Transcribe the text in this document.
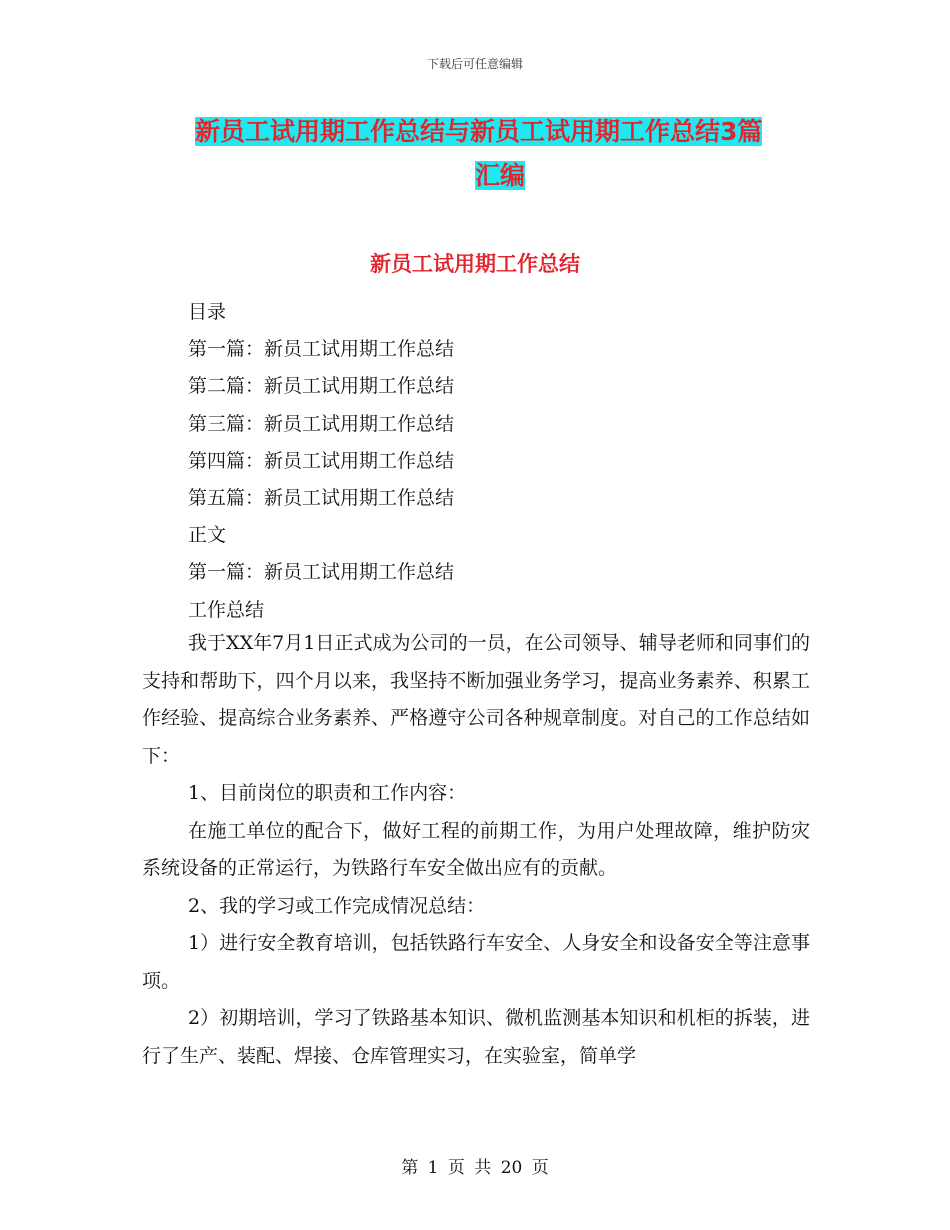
下载后可任意编辑
新员工试用期工作总结与新员工试用期工作总结3篇
汇编
新员工试用期工作总结
目录
第一篇：新员工试用期工作总结
第二篇：新员工试用期工作总结
第三篇：新员工试用期工作总结
第四篇：新员工试用期工作总结
第五篇：新员工试用期工作总结
正文
第一篇：新员工试用期工作总结
工作总结

我于XX年7月1日正式成为公司的一员，在公司领导、辅导老师和同事们的支持和帮助下，四个月以来，我坚持不断加强业务学习，提高业务素养、积累工作经验、提高综合业务素养、严格遵守公司各种规章制度。对自己的工作总结如下：

1、目前岗位的职责和工作内容：

在施工单位的配合下，做好工程的前期工作，为用户处理故障，维护防灾系统设备的正常运行，为铁路行车安全做出应有的贡献。

2、我的学习或工作完成情况总结：

1）进行安全教育培训，包括铁路行车安全、人身安全和设备安全等注意事项。

2）初期培训，学习了铁路基本知识、微机监测基本知识和机柜的拆装，进行了生产、装配、焊接、仓库管理实习，在实验室，简单学

第 1 页 共 20 页
